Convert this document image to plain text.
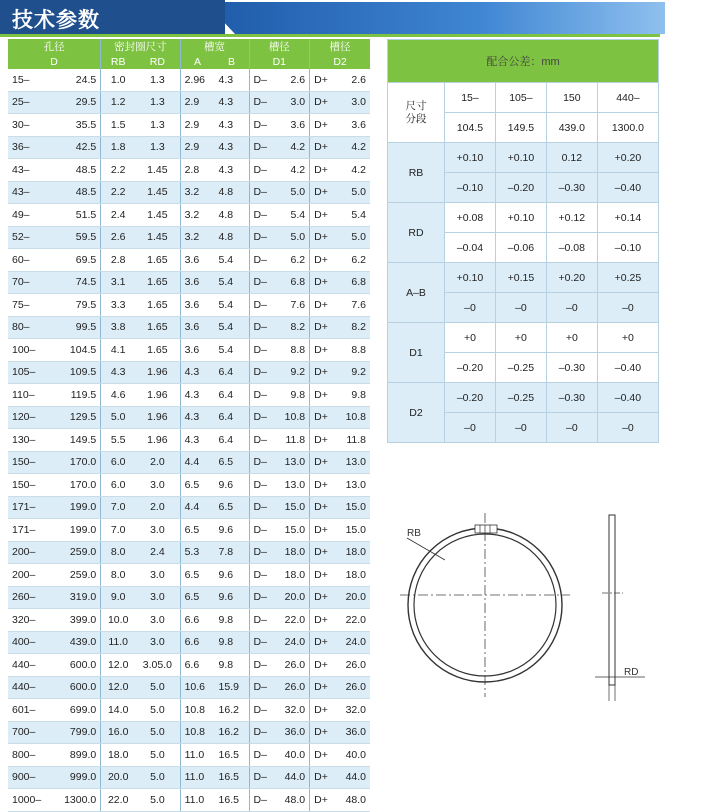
技术参数
孔径		密封圈尺寸		槽宽		槽径		槽径	
D		RB	RD	A	B	D1		D2	
15–	24.5	1.0	1.3	2.96	4.3	D–	2.6	D+	2.6
25–	29.5	1.2	1.3	2.9	4.3	D–	3.0	D+	3.0
30–	35.5	1.5	1.3	2.9	4.3	D–	3.6	D+	3.6
36–	42.5	1.8	1.3	2.9	4.3	D–	4.2	D+	4.2
43–	48.5	2.2	1.45	2.8	4.3	D–	4.2	D+	4.2
43–	48.5	2.2	1.45	3.2	4.8	D–	5.0	D+	5.0
49–	51.5	2.4	1.45	3.2	4.8	D–	5.4	D+	5.4
52–	59.5	2.6	1.45	3.2	4.8	D–	5.0	D+	5.0
60–	69.5	2.8	1.65	3.6	5.4	D–	6.2	D+	6.2
70–	74.5	3.1	1.65	3.6	5.4	D–	6.8	D+	6.8
75–	79.5	3.3	1.65	3.6	5.4	D–	7.6	D+	7.6
80–	99.5	3.8	1.65	3.6	5.4	D–	8.2	D+	8.2
100–	104.5	4.1	1.65	3.6	5.4	D–	8.8	D+	8.8
105–	109.5	4.3	1.96	4.3	6.4	D–	9.2	D+	9.2
110–	119.5	4.6	1.96	4.3	6.4	D–	9.8	D+	9.8
120–	129.5	5.0	1.96	4.3	6.4	D–	10.8	D+	10.8
130–	149.5	5.5	1.96	4.3	6.4	D–	11.8	D+	11.8
150–	170.0	6.0	2.0	4.4	6.5	D–	13.0	D+	13.0
150–	170.0	6.0	3.0	6.5	9.6	D–	13.0	D+	13.0
171–	199.0	7.0	2.0	4.4	6.5	D–	15.0	D+	15.0
171–	199.0	7.0	3.0	6.5	9.6	D–	15.0	D+	15.0
200–	259.0	8.0	2.4	5.3	7.8	D–	18.0	D+	18.0
200–	259.0	8.0	3.0	6.5	9.6	D–	18.0	D+	18.0
260–	319.0	9.0	3.0	6.5	9.6	D–	20.0	D+	20.0
320–	399.0	10.0	3.0	6.6	9.8	D–	22.0	D+	22.0
400–	439.0	11.0	3.0	6.6	9.8	D–	24.0	D+	24.0
440–	600.0	12.0	3.05.0	6.6	9.8	D–	26.0	D+	26.0
440–	600.0	12.0	5.0	10.6	15.9	D–	26.0	D+	26.0
601–	699.0	14.0	5.0	10.8	16.2	D–	32.0	D+	32.0
700–	799.0	16.0	5.0	10.8	16.2	D–	36.0	D+	36.0
800–	899.0	18.0	5.0	11.0	16.5	D–	40.0	D+	40.0
900–	999.0	20.0	5.0	11.0	16.5	D–	44.0	D+	44.0
1000–	1300.0	22.0	5.0	11.0	16.5	D–	48.0	D+	48.0
配合公差：mm				
尺寸
分段	15–	105–	150	440–
	104.5	149.5	439.0	1300.0
RB	+0.10	+0.10	0.12	+0.20
	–0.10	–0.20	–0.30	–0.40
RD	+0.08	+0.10	+0.12	+0.14
	–0.04	–0.06	–0.08	–0.10
A–B	+0.10	+0.15	+0.20	+0.25
	–0	–0	–0	–0
D1	+0	+0	+0	+0
	–0.20	–0.25	–0.30	–0.40
D2	–0.20	–0.25	–0.30	–0.40
	–0	–0	–0	–0
RB
RD
